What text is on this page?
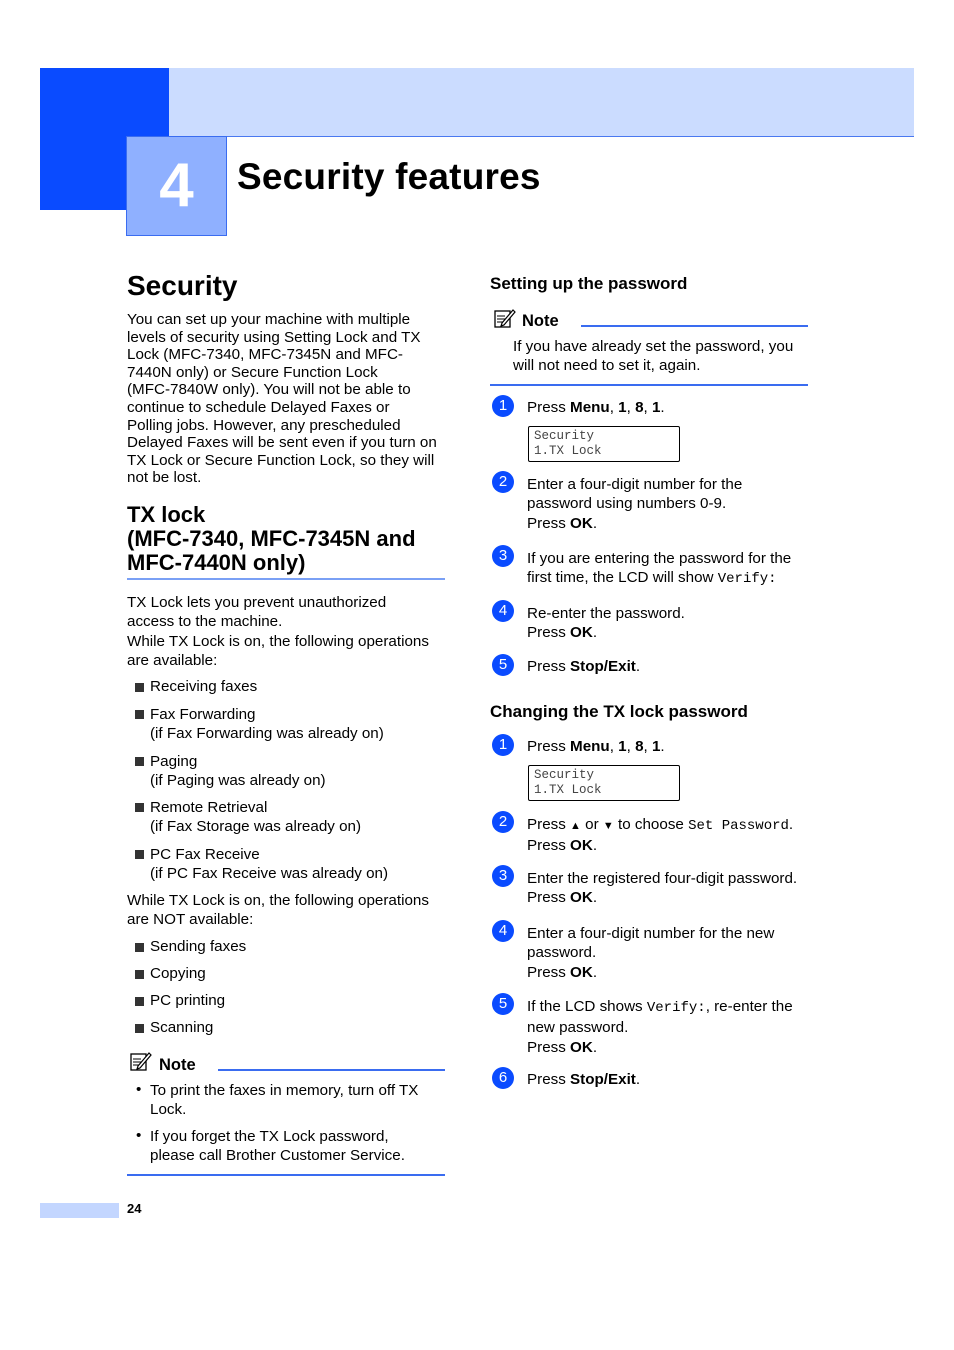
4	Security features
Security
You can set up your machine with multiple
levels of security using Setting Lock and TX
Lock (MFC-7340, MFC-7345N and MFC-
7440N only) or Secure Function Lock
(MFC-7840W only). You will not be able to
continue to schedule Delayed Faxes or
Polling jobs. However, any prescheduled
Delayed Faxes will be sent even if you turn on
TX Lock or Secure Function Lock, so they will
not be lost.
TX lock
(MFC-7340, MFC-7345N and
MFC-7440N only)
TX Lock lets you prevent unauthorized
access to the machine.
While TX Lock is on, the following operations
are available:
Receiving faxes
Fax Forwarding
(if Fax Forwarding was already on)
Paging
(if Paging was already on)
Remote Retrieval
(if Fax Storage was already on)
PC Fax Receive
(if PC Fax Receive was already on)
While TX Lock is on, the following operations
are NOT available:
Sending faxes
Copying
PC printing
Scanning
Note
• To print the faxes in memory, turn off TX
Lock.
• If you forget the TX Lock password,
please call Brother Customer Service.
Setting up the password
Note
If you have already set the password, you
will not need to set it, again.
1	Press Menu, 1, 8, 1.
Security
1.TX Lock
2	Enter a four-digit number for the
password using numbers 0-9.
Press OK.
3	If you are entering the password for the
first time, the LCD will show Verify:
4	Re-enter the password.
Press OK.
5	Press Stop/Exit.
Changing the TX lock password
1	Press Menu, 1, 8, 1.
Security
1.TX Lock
2	Press ▲ or ▼ to choose Set Password.
Press OK.
3	Enter the registered four-digit password.
Press OK.
4	Enter a four-digit number for the new
password.
Press OK.
5	If the LCD shows Verify:, re-enter the
new password.
Press OK.
6	Press Stop/Exit.
24
